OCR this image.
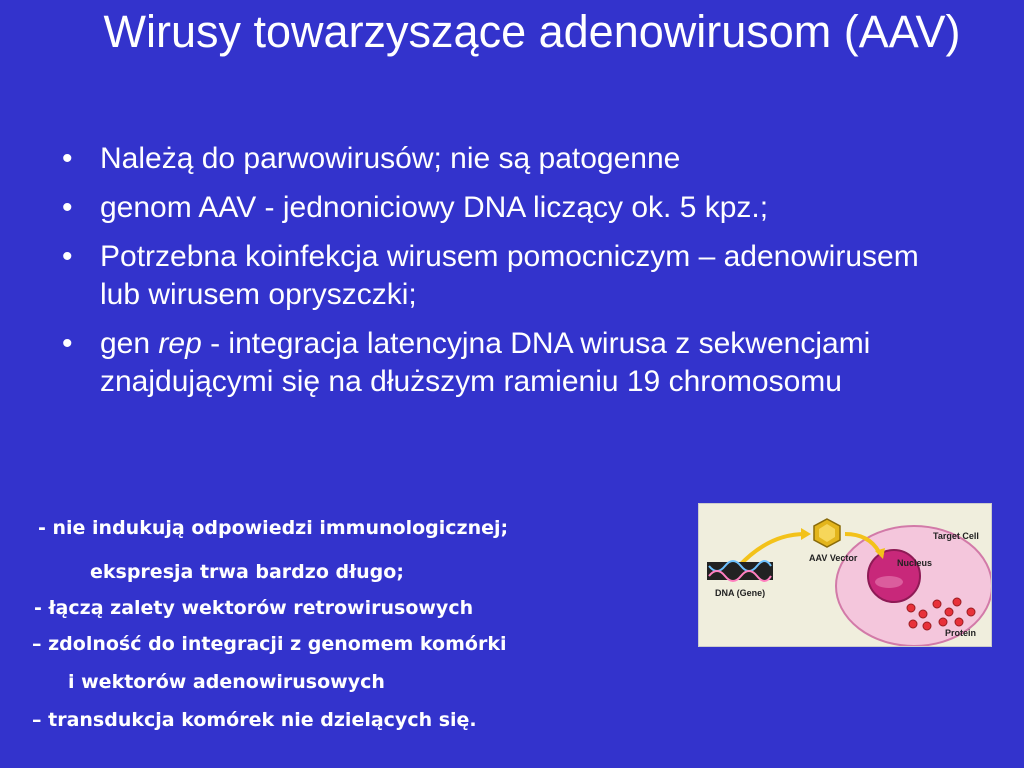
Wirusy towarzyszące adenowirusom (AAV)
• Należą do parwowirusów; nie są patogenne
• genom AAV - jednoniciowy DNA liczący ok. 5 kpz.;
• Potrzebna koinfekcja wirusem pomocniczym – adenowirusem lub wirusem opryszczki;
• gen rep - integracja latencyjna DNA wirusa z sekwencjami znajdującymi się na dłuższym ramieniu 19 chromosomu
- nie indukują odpowiedzi immunologicznej;
ekspresja trwa bardzo długo;
- łączą zalety wektorów retrowirusowych
– zdolność do integracji z genomem komórki
i wektorów adenowirusowych
– transdukcja komórek nie dzielących się.
AAV Vector
Target Cell
Nucleus
DNA (Gene)
Protein
